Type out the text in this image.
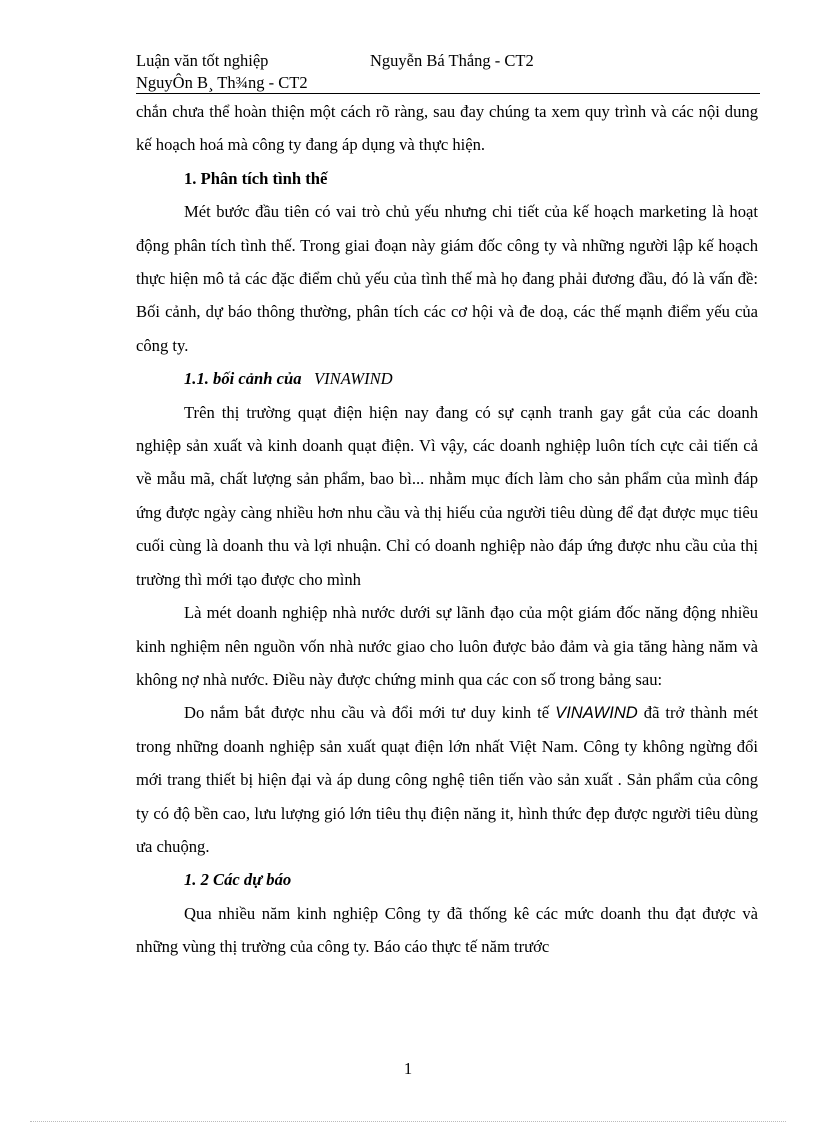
Luận văn tốt nghiệp	Nguyễn Bá Thắng - CT2
NguyÔn B¸ Th¾ng - CT2

chắn chưa thể hoàn thiện một cách rõ ràng, sau đay chúng ta xem quy trình và các nội dung kế hoạch hoá mà công ty đang áp dụng và thực hiện.

1. Phân tích tình thế

Mét bước đầu tiên có vai trò chủ yếu nhưng chi tiết của kế hoạch marketing là hoạt động phân tích tình thế. Trong giai đoạn này giám đốc công ty và những người lập kế hoạch thực hiện mô tả các đặc điểm chủ yếu của tình thế mà họ đang phải đương đầu, đó là vấn đề: Bối cảnh, dự báo thông thường, phân tích các cơ hội và đe doạ, các thế mạnh điểm yếu của công ty.

1.1. bối cảnh của VINAWIND

Trên thị trường quạt điện hiện nay đang có sự cạnh tranh gay gắt của các doanh nghiệp sản xuất và kinh doanh quạt điện. Vì vậy, các doanh nghiệp luôn tích cực cải tiến cả về mẫu mã, chất lượng sản phẩm, bao bì... nhằm mục đích làm cho sản phẩm của mình đáp ứng được ngày càng nhiều hơn nhu cầu và thị hiếu của người tiêu dùng để đạt được mục tiêu cuối cùng là doanh thu và lợi nhuận. Chỉ có doanh nghiệp nào đáp ứng được nhu cầu của thị trường thì mới tạo được cho mình

Là mét doanh nghiệp nhà nước dưới sự lãnh đạo của một giám đốc năng động nhiều kinh nghiệm nên nguồn vốn nhà nước giao cho luôn được bảo đảm và gia tăng hàng năm và không nợ nhà nước. Điều này được chứng minh qua các con số trong bảng sau:

Do nắm bắt được nhu cầu và đổi mới tư duy kinh tế VINAWIND đã trở thành mét trong những doanh nghiệp sản xuất quạt điện lớn nhất Việt Nam. Công ty không ngừng đổi mới trang thiết bị hiện đại và áp dung công nghệ tiên tiến vào sản xuất . Sản phẩm của công ty có độ bền cao, lưu lượng gió lớn tiêu thụ điện năng it, hình thức đẹp được người tiêu dùng ưa chuộng.

1. 2 Các dự báo

Qua nhiều năm kinh nghiệp Công ty đã thống kê các mức doanh thu đạt được và những vùng thị trường của công ty. Báo cáo thực tế năm trước

1
